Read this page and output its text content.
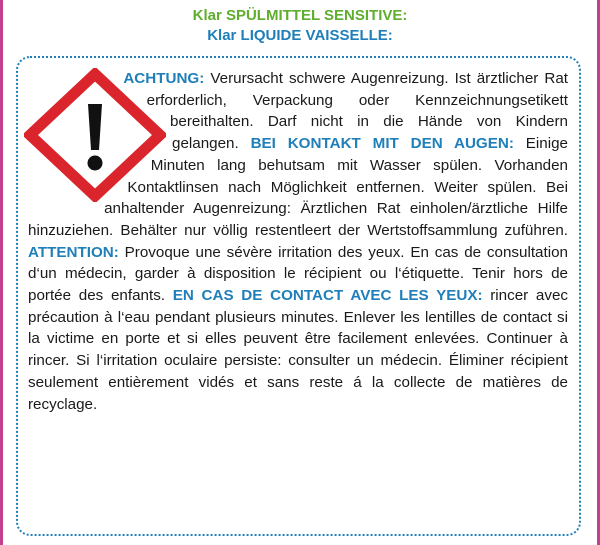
Klar SPÜLMITTEL SENSITIVE:
Klar LIQUIDE VAISSELLE:
ACHTUNG: Verursacht schwere Augenreizung. Ist ärztlicher Rat erforderlich, Verpackung oder Kennzeichnungsetikett bereithalten. Darf nicht in die Hände von Kindern gelangen. BEI KONTAKT MIT DEN AUGEN: Einige Minuten lang behutsam mit Wasser spülen. Vorhanden Kontaktlinsen nach Möglichkeit entfernen. Weiter spülen. Bei anhaltender Augenreizung: Ärztlichen Rat einholen/ärztliche Hilfe hinzuziehen. Behälter nur völlig restentleert der Wertstoffsammlung zuführen. ATTENTION: Provoque une sévère irritation des yeux. En cas de consultation d‘un médecin, garder à disposition le récipient ou l‘étiquette. Tenir hors de portée des enfants. EN CAS DE CONTACT AVEC LES YEUX: rincer avec précaution à l‘eau pendant plusieurs minutes. Enlever les lentilles de contact si la victime en porte et si elles peuvent être facilement enlevées. Continuer à rincer. Si l‘irritation oculaire persiste: consulter un médecin. Éliminer récipient seulement entièrement vidés et sans reste á la collecte de matières de recyclage.
